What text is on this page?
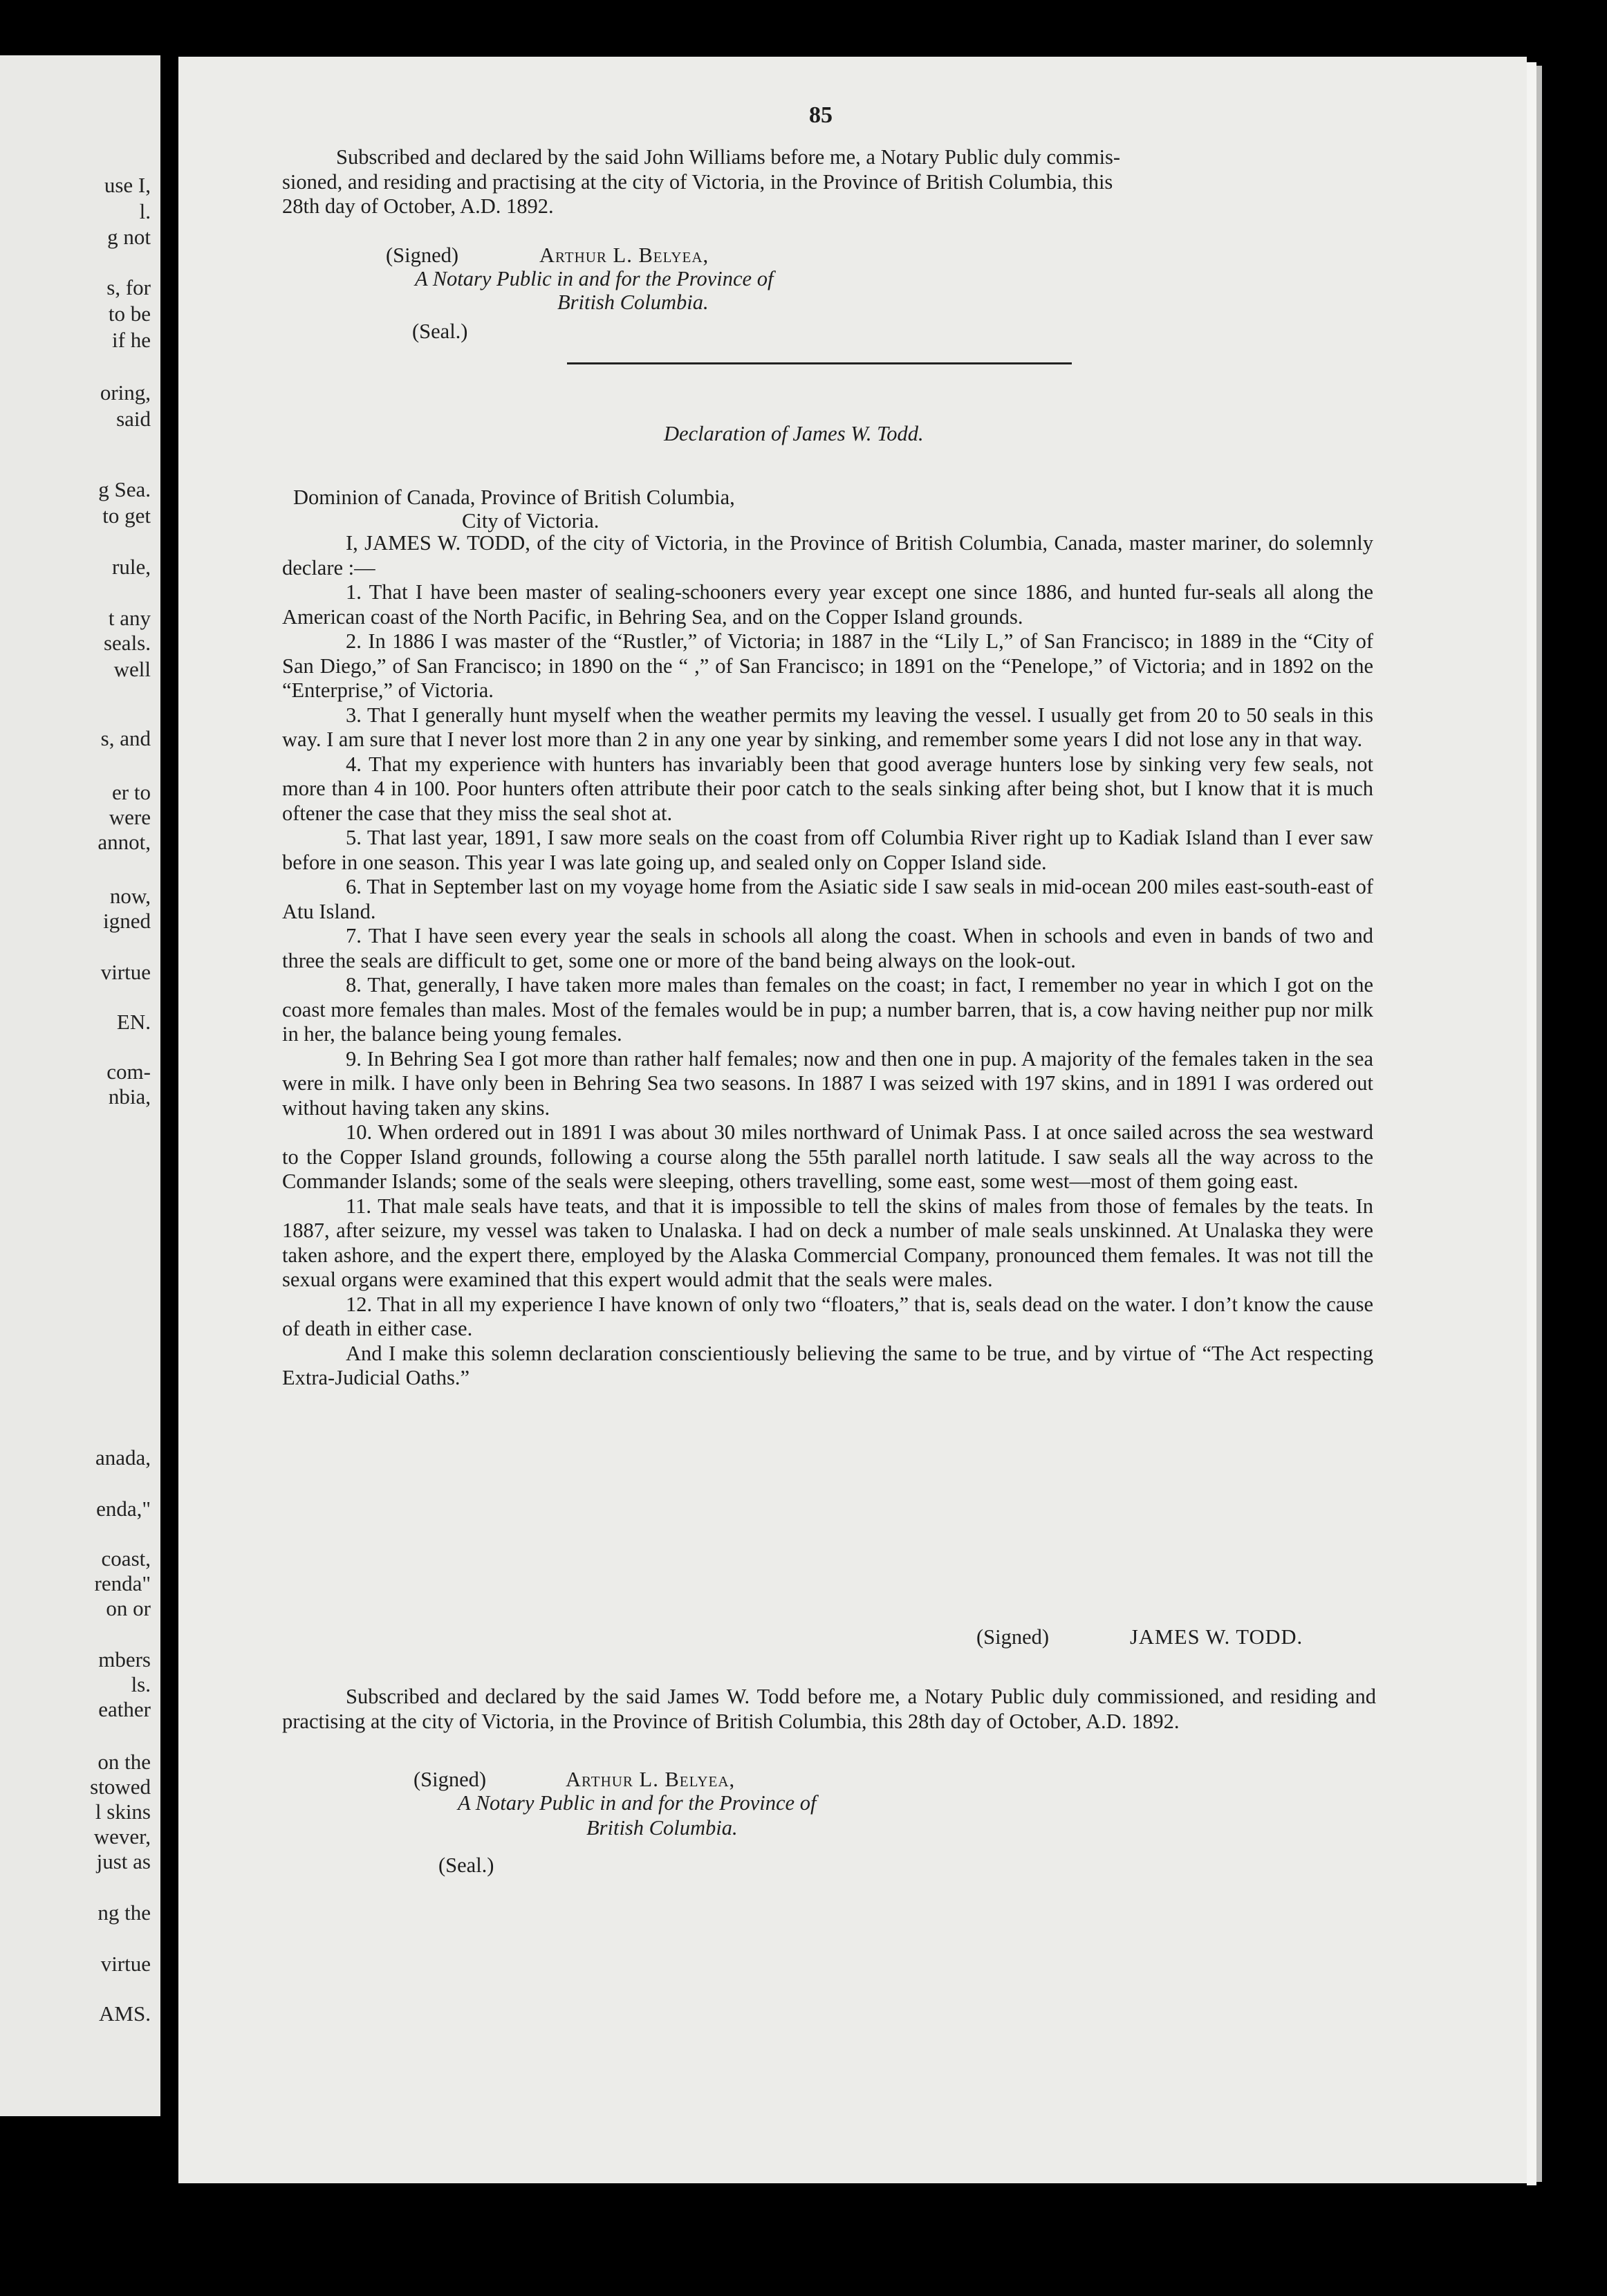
use I,
l.
g not
s, for
to be
if he
oring,
said
g Sea.
to get
rule,
t any
seals.
well
s, and
er to
were
annot,
now,
igned
virtue
EN.
com-
nbia,
anada,
enda,"
coast,
renda"
on or
mbers
ls.
eather
on the
stowed
l skins
wever,
just as
ng the
virtue
AMS.
85
Subscribed and declared by the said John Williams before me, a Notary Public duly commis-
sioned, and residing and practising at the city of Victoria, in the Province of British Columbia, this
28th day of October, A.D. 1892.
(Signed)	Arthur L. Belyea,
A Notary Public in and for the Province of
British Columbia.
(Seal.)
Declaration of James W. Todd.
Dominion of Canada, Province of British Columbia,
City of Victoria.

I, JAMES W. TODD, of the city of Victoria, in the Province of British Columbia, Canada, master mariner, do solemnly declare :—

1. That I have been master of sealing-schooners every year except one since 1886, and hunted fur-seals all along the American coast of the North Pacific, in Behring Sea, and on the Copper Island grounds.

2. In 1886 I was master of the “Rustler,” of Victoria; in 1887 in the “Lily L,” of San Francisco; in 1889 in the “City of San Diego,” of San Francisco; in 1890 on the “ ,” of San Francisco; in 1891 on the “Penelope,” of Victoria; and in 1892 on the “Enterprise,” of Victoria.

3. That I generally hunt myself when the weather permits my leaving the vessel. I usually get from 20 to 50 seals in this way. I am sure that I never lost more than 2 in any one year by sinking, and remember some years I did not lose any in that way.

4. That my experience with hunters has invariably been that good average hunters lose by sinking very few seals, not more than 4 in 100. Poor hunters often attribute their poor catch to the seals sinking after being shot, but I know that it is much oftener the case that they miss the seal shot at.

5. That last year, 1891, I saw more seals on the coast from off Columbia River right up to Kadiak Island than I ever saw before in one season. This year I was late going up, and sealed only on Copper Island side.

6. That in September last on my voyage home from the Asiatic side I saw seals in mid-ocean 200 miles east-south-east of Atu Island.

7. That I have seen every year the seals in schools all along the coast. When in schools and even in bands of two and three the seals are difficult to get, some one or more of the band being always on the look-out.

8. That, generally, I have taken more males than females on the coast; in fact, I remember no year in which I got on the coast more females than males. Most of the females would be in pup; a number barren, that is, a cow having neither pup nor milk in her, the balance being young females.

9. In Behring Sea I got more than rather half females; now and then one in pup. A majority of the females taken in the sea were in milk. I have only been in Behring Sea two seasons. In 1887 I was seized with 197 skins, and in 1891 I was ordered out without having taken any skins.

10. When ordered out in 1891 I was about 30 miles northward of Unimak Pass. I at once sailed across the sea westward to the Copper Island grounds, following a course along the 55th parallel north latitude. I saw seals all the way across to the Commander Islands; some of the seals were sleeping, others travelling, some east, some west—most of them going east.

11. That male seals have teats, and that it is impossible to tell the skins of males from those of females by the teats. In 1887, after seizure, my vessel was taken to Unalaska. I had on deck a number of male seals unskinned. At Unalaska they were taken ashore, and the expert there, employed by the Alaska Commercial Company, pronounced them females. It was not till the sexual organs were examined that this expert would admit that the seals were males.

12. That in all my experience I have known of only two “floaters,” that is, seals dead on the water. I don’t know the cause of death in either case.

And I make this solemn declaration conscientiously believing the same to be true, and by virtue of “The Act respecting Extra-Judicial Oaths.”

(Signed)	JAMES W. TODD.

Subscribed and declared by the said James W. Todd before me, a Notary Public duly commissioned, and residing and practising at the city of Victoria, in the Province of British Columbia, this 28th day of October, A.D. 1892.

(Signed)	Arthur L. Belyea,
A Notary Public in and for the Province of
British Columbia.
(Seal.)
